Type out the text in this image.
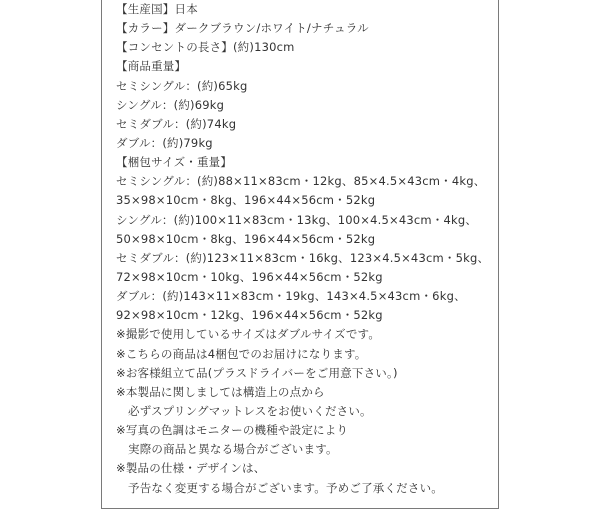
【生産国】日本
【カラー】ダークブラウン/ホワイト/ナチュラル
【コンセントの長さ】(約)130cm
【商品重量】
セミシングル：(約)65kg
シングル：(約)69kg
セミダブル：(約)74kg
ダブル：(約)79kg
【梱包サイズ・重量】
セミシングル：(約)88×11×83cm・12kg、85×4.5×43cm・4kg、
35×98×10cm・8kg、196×44×56cm・52kg
シングル：(約)100×11×83cm・13kg、100×4.5×43cm・4kg、
50×98×10cm・8kg、196×44×56cm・52kg
セミダブル：(約)123×11×83cm・16kg、123×4.5×43cm・5kg、
72×98×10cm・10kg、196×44×56cm・52kg
ダブル：(約)143×11×83cm・19kg、143×4.5×43cm・6kg、
92×98×10cm・12kg、196×44×56cm・52kg
※撮影で使用しているサイズはダブルサイズです。
※こちらの商品は4梱包でのお届けになります。
※お客様組立て品(プラスドライバーをご用意下さい。)
※本製品に関しましては構造上の点から
必ずスプリングマットレスをお使いください。
※写真の色調はモニターの機種や設定により
実際の商品と異なる場合がございます。
※製品の仕様・デザインは、
予告なく変更する場合がございます。予めご了承ください。
